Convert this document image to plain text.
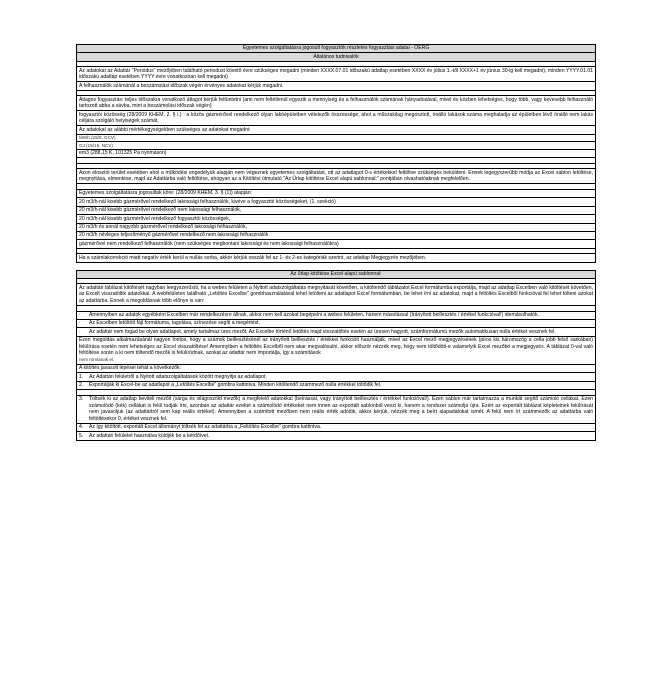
Egyetemes szolgáltatásra jogosult fogyasztók részletes fogyasztási adatai - OERG
Általános tudnivalók
Az adatokat az Adattár "Periódus" mezőjében található periodust követő évre szükséges megadni (minden XXXX.07.01 időszakú adatlap esetében XXXX év július 1.-től XXXX+1 év június 30-ig kell megadni), minden YYYY.01.01 időszakú adatlap esetében YYYY évre vonatkozóan kell megadni)
A felhasználók számánál a beszámolási időszak végén érvényes adatokat kérjük megadni.
Átlagos fogyasztás: teljes időszakra vonatkozó átlagot kérjük feltüntetni (ami nem feltétlenül egyezik a mennyiség és a felhasználók számának hányadosával, mivel év közben lehetséges, hogy több, vagy kevesebb felhasználó tartozott abba a sávba, mint a beszámolási időszak végén)
fogyasztói közösség (28/2009 KHEM, 2. § i.) : a közös gázmérővel rendelkező olyan lakóépületben vételezők összessége, ahol a műszakilag megosztott, önálló lakások száma meghaladja az épületben lévő önálló nem lakás céljára szolgáló helyiségek számát,
Az adatokat az alábbi mértékegységekben szükséges az adatokat megadni:
MWh (25/0, GCV)
GJ (15/15, NCV)
em3 (288,15 K, 101325 Pa nyomáson)
Azon elosztói terület esetében ahol a működési engedélyük alapján nem végeznek egyetemes szolgáltatást, ott az adatlapot 0-s értékekkel feltöltve szükséges beküldeni. Ennek legegyszerűbb módja az Excel sablon letöltése, megnyitása, elmentése, majd az Adattárba való feltöltése, ahogyan az a Kitöltési útmutató "Az Űrlap kitöltése Excel alapú sablonnal:" pontjában olvashatóaknak megfelelően.
Egyetemes szolgáltatásra jogosultak köre: (28/2009 KHEM, 3. § (1)) alapján:
20 m3/h-nál kisebb gázmérővel rendelkező lakossági felhasználók, kivéve a fogyasztói közösségeket, (1. szekció)
20 m3/h-nál kisebb gázmérővel rendelkező nem lakossági felhasználók,
20 m3/h-nál kisebb gázmérővel rendelkező fogyasztói közösségek,
20 m3/h és annál nagyobb gázmérővel rendelkező lakossági felhasználók,
20 m3/h névleges teljesítményű gázmérővel rendelkező nem lakossági felhasználók
gázmérővel nem rendelkező felhasználók (nem szükséges megbontani lakossági és nem lakossági felhasználókra)
Ha a számlakorrekció miatt negatív érték kerül a nullás sorba, akkor kérjük osszák fel az 1- és 2-es kategóriák szerint, az adatlap Megjegyzés mezőjében.
Az űrlap kitöltése Excel alapú sablonnal:
Az adattári táblázat kitöltését nagyban leegyszerűsíti, ha a webes felületen a Nyitott adatszolgáltatás megnyitását követően, a kitöltendő táblázatot Excel formátumba exportálja, majd az adatlap Excelben való kitöltését követően, az Excelt visszatöltik adatokkal. A webfelületen található „Letöltés Excelbe" gombhasználatával lehet letölteni az adatlapot Excel formátumban, be lehet írni az adatokat, majd a feltöltés Excelből funkcióval fel lehet tölteni azokat az adattárba. Ennek a megoldásnak több előnye is van:
·	Amennyiben az adatok egyébként Excelben már rendelkezésre állnak, akkor nem kell azokat begépelni a webes felületen, hanem másolással (Irányított beillesztés / értékel funkcióval!) idemásolhatók.
·	Az Excelben letöltött fájl formátuma, tagolása, színezése segíti a megértést.
·	Az adattár nem fogad be olyan adatlapot, amely tartalmaz üres mezőt. Az Excelbe történő letöltés majd visszatöltés esetén az üresen hagyott, számformátumú mezők automatikusan nulla értéket vesznek fel.
Ezen megoldás alkalmazásánál nagyon fontos, hogy a számok beillesztésénél az irányított beillesztés / értékkel funkcióit használják, mivel az Excel mező megjegyzésének (piros kis háromszög a cella jobb felső sarkában) felülírása esetén nem lehetséges az Excel visszatöltése! Amennyiben a feltöltés Excelből nem akar megvalósulni, akkor először nézzék meg, hogy nem töltődött-e valamelyik Excel mezőbó a megjegyzés. A táblázat 0-val való feltöltése során a ki nem töltendő mezők is felülíródnak, azokat az adattár nem importálja, így a számítások
nem romlanak el.
A kitöltés javasolt lépései tehát a következők:
1.	Az Adattári felületről a Nyitott adatszolgáltatások között megnyitja az adatlapot.
2.	Exportálják ki Excel-be az adatlapot a „Letöltés Excelbe" gombra kattintva. Minden kitöltendő számmező nulla értékkel töltődik fel.
3.	Töltsék ki az adatlap beviteli mezőit (sárga és világoszöld mezők) a megfelelő adatokkal (beírással, vagy Irányított beillesztés / értékkel funkcióval!). Ezen sablon már tartalmazza a munkát segítő számoló cellákat. Ezen számolódó (kék) cellákat is felül tudják írni, azonban az adattár ezeket a számolódó értékeket nem innen az exportált sablonból veszi ki, hanem a rendszer számolja újra. Ezért az exportált táblázat képleteinek felülírását nem javasoljuk (az adattárból sem kap reális értéket). Amennyiben a számított mezőben nem reális érték adódik, akkor kérjük, nézzék meg a beírt alapadatokat ismét. A felül nem írt számmezők az adattárba való feltöltésekor 0, értéket vesznek fel.
4.	Az így kitöltött, exportált Excel állományt töltsék fel az adattárba a „Feltöltés Excelbe" gombra kattintva.
5.	Az adattári felületet használva küldjék be a kérdőívet.
